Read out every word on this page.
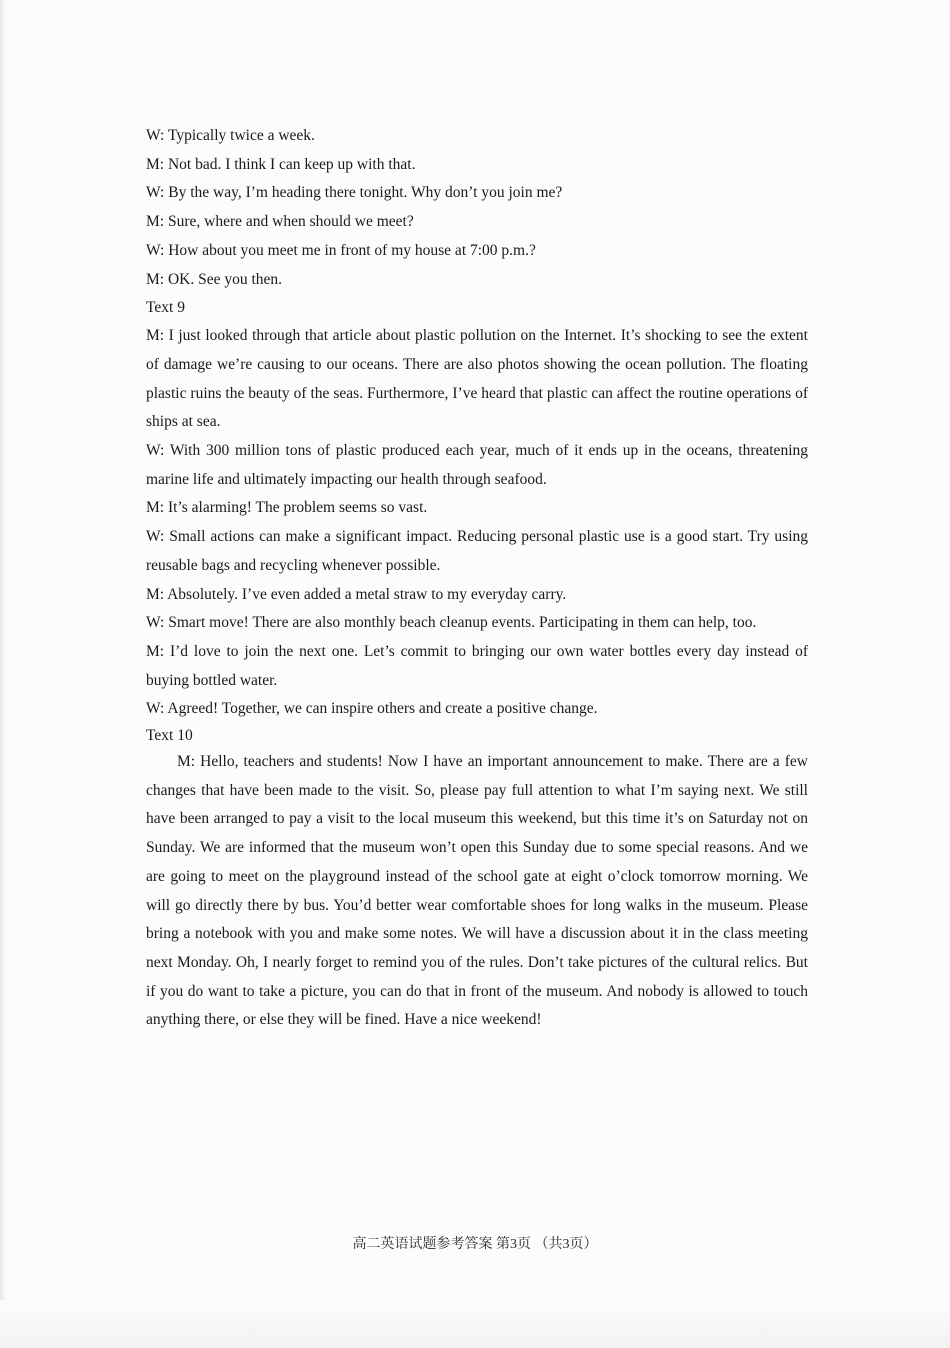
W: Typically twice a week.
M: Not bad. I think I can keep up with that.
W: By the way, I’m heading there tonight. Why don’t you join me?
M: Sure, where and when should we meet?
W: How about you meet me in front of my house at 7:00 p.m.?
M: OK. See you then.
Text 9

M: I just looked through that article about plastic pollution on the Internet. It’s shocking to see the extent of damage we’re causing to our oceans. There are also photos showing the ocean pollution. The floating plastic ruins the beauty of the seas. Furthermore, I’ve heard that plastic can affect the routine operations of ships at sea.

W: With 300 million tons of plastic produced each year, much of it ends up in the oceans, threatening marine life and ultimately impacting our health through seafood.

M: It’s alarming! The problem seems so vast.

W: Small actions can make a significant impact. Reducing personal plastic use is a good start. Try using reusable bags and recycling whenever possible.

M: Absolutely. I’ve even added a metal straw to my everyday carry.

W: Smart move! There are also monthly beach cleanup events. Participating in them can help, too.

M: I’d love to join the next one. Let’s commit to bringing our own water bottles every day instead of buying bottled water.

W: Agreed! Together, we can inspire others and create a positive change.

Text 10

M: Hello, teachers and students! Now I have an important announcement to make. There are a few changes that have been made to the visit. So, please pay full attention to what I’m saying next. We still have been arranged to pay a visit to the local museum this weekend, but this time it’s on Saturday not on Sunday. We are informed that the museum won’t open this Sunday due to some special reasons. And we are going to meet on the playground instead of the school gate at eight o’clock tomorrow morning. We will go directly there by bus. You’d better wear comfortable shoes for long walks in the museum. Please bring a notebook with you and make some notes. We will have a discussion about it in the class meeting next Monday. Oh, I nearly forget to remind you of the rules. Don’t take pictures of the cultural relics. But if you do want to take a picture, you can do that in front of the museum. And nobody is allowed to touch anything there, or else they will be fined. Have a nice weekend!

高二英语试题参考答案 第3页 （共3页）
